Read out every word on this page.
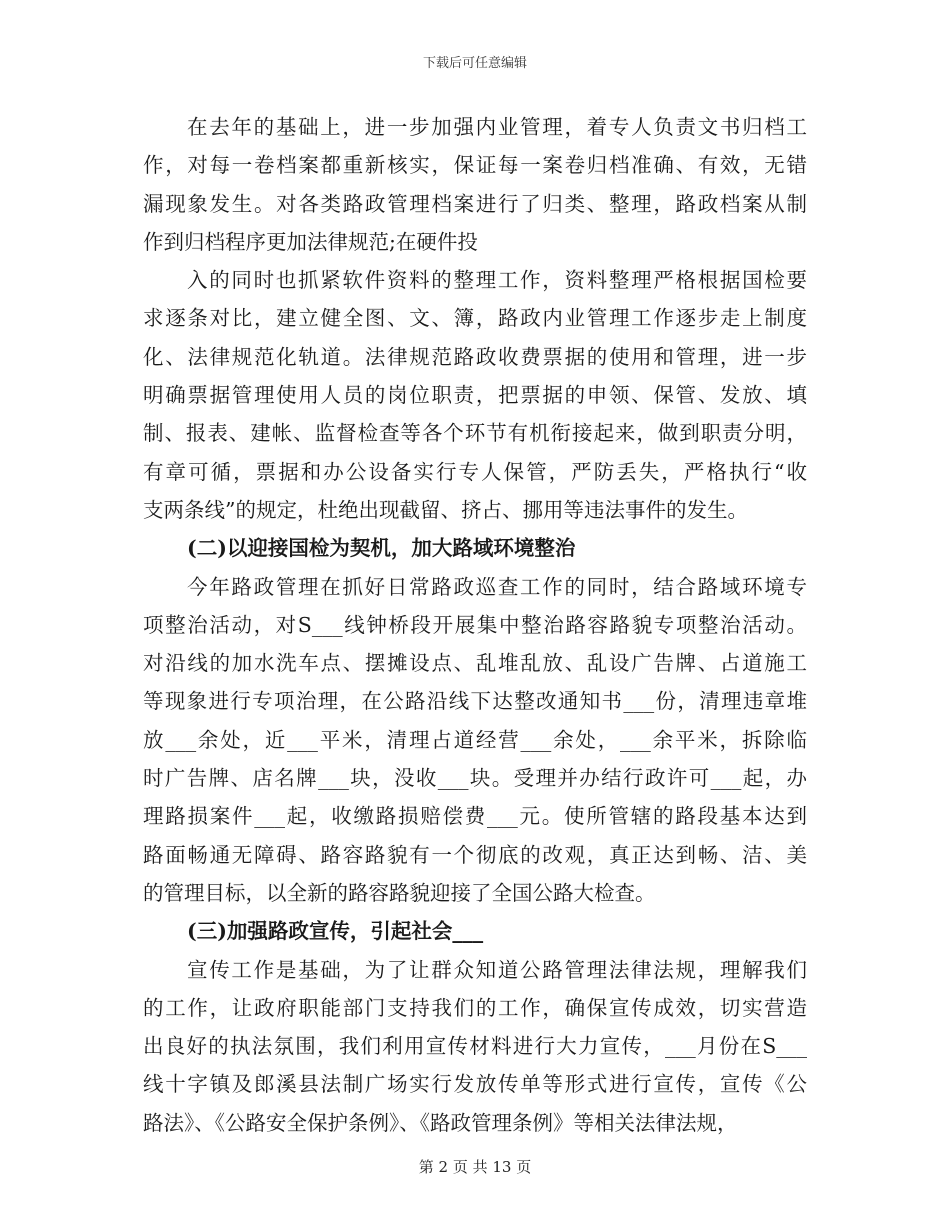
下载后可任意编辑
在去年的基础上，进一步加强内业管理，着专人负责文书归档工
作，对每一卷档案都重新核实，保证每一案卷归档准确、有效，无错
漏现象发生。对各类路政管理档案进行了归类、整理，路政档案从制
作到归档程序更加法律规范;在硬件投
入的同时也抓紧软件资料的整理工作，资料整理严格根据国检要
求逐条对比，建立健全图、文、簿，路政内业管理工作逐步走上制度
化、法律规范化轨道。法律规范路政收费票据的使用和管理，进一步
明确票据管理使用人员的岗位职责，把票据的申领、保管、发放、填
制、报表、建帐、监督检查等各个环节有机衔接起来，做到职责分明，
有章可循，票据和办公设备实行专人保管，严防丢失，严格执行“收
支两条线”的规定，杜绝出现截留、挤占、挪用等违法事件的发生。
(二)以迎接国检为契机，加大路域环境整治
今年路政管理在抓好日常路政巡查工作的同时，结合路域环境专
项整治活动，对S___线钟桥段开展集中整治路容路貌专项整治活动。
对沿线的加水洗车点、摆摊设点、乱堆乱放、乱设广告牌、占道施工
等现象进行专项治理，在公路沿线下达整改通知书___份，清理违章堆
放___余处，近___平米，清理占道经营___余处，___余平米，拆除临
时广告牌、店名牌___块，没收___块。受理并办结行政许可___起，办
理路损案件___起，收缴路损赔偿费___元。使所管辖的路段基本达到
路面畅通无障碍、路容路貌有一个彻底的改观，真正达到畅、洁、美
的管理目标，以全新的路容路貌迎接了全国公路大检查。
(三)加强路政宣传，引起社会___
宣传工作是基础，为了让群众知道公路管理法律法规，理解我们
的工作，让政府职能部门支持我们的工作，确保宣传成效，切实营造
出良好的执法氛围，我们利用宣传材料进行大力宣传，___月份在S___
线十字镇及郎溪县法制广场实行发放传单等形式进行宣传，宣传《公
路法》、《公路安全保护条例》、《路政管理条例》等相关法律法规，
第 2 页 共 13 页
